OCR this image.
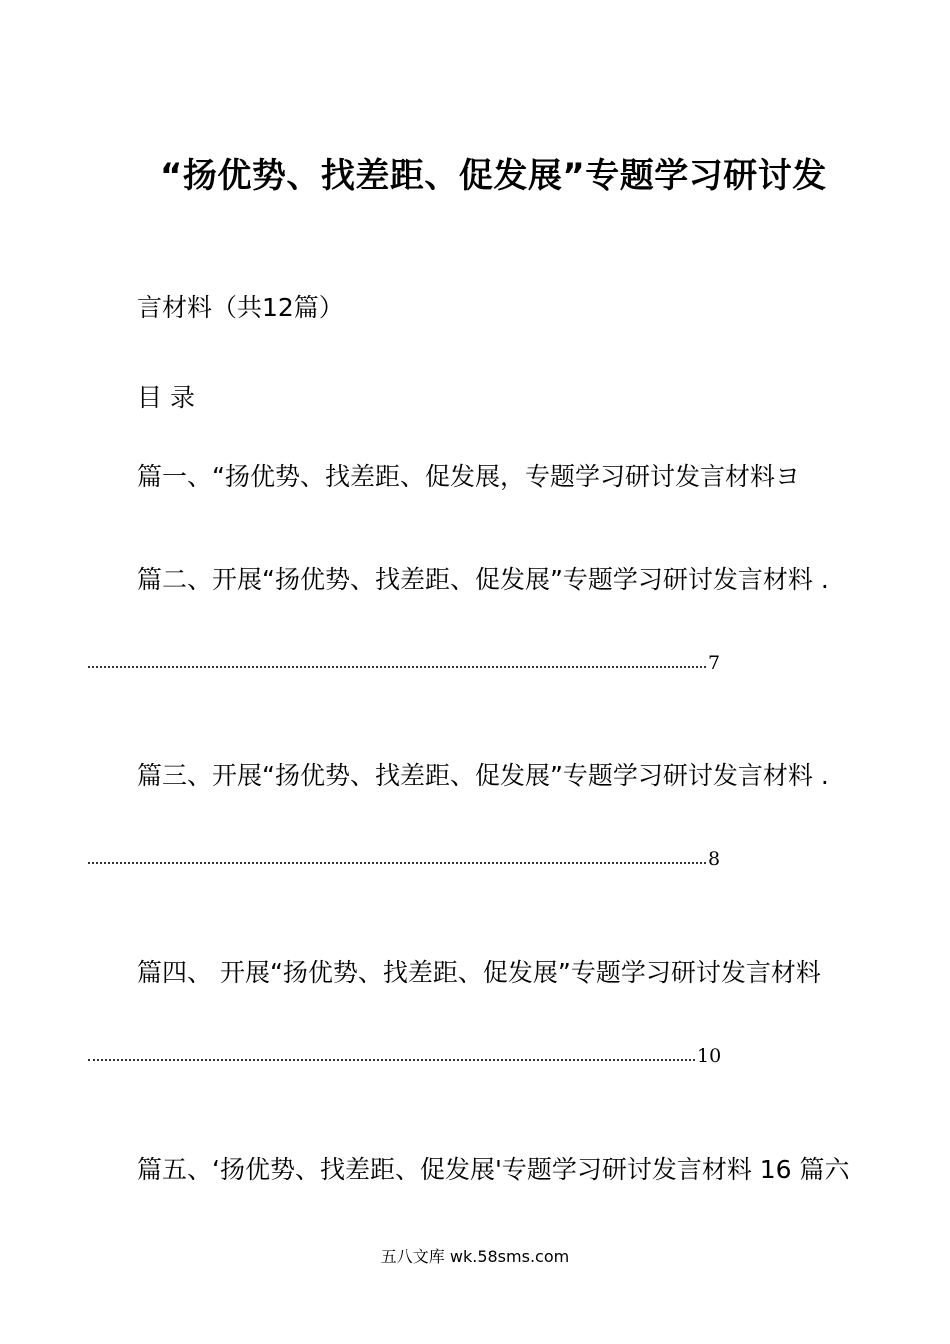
“扬优势、找差距、促发展”专题学习研讨发
言材料（共12篇）
目 录
篇一、“扬优势、找差距、促发展，专题学习研讨发言材料ヨ
篇二、开展“扬优势、找差距、促发展”专题学习研讨发言材料 .
7
篇三、开展“扬优势、找差距、促发展”专题学习研讨发言材料 .
8
篇四、 开展“扬优势、找差距、促发展”专题学习研讨发言材料
10
篇五、‘扬优势、找差距、促发展'专题学习研讨发言材料 16 篇六
五八文库 wk.58sms.com
